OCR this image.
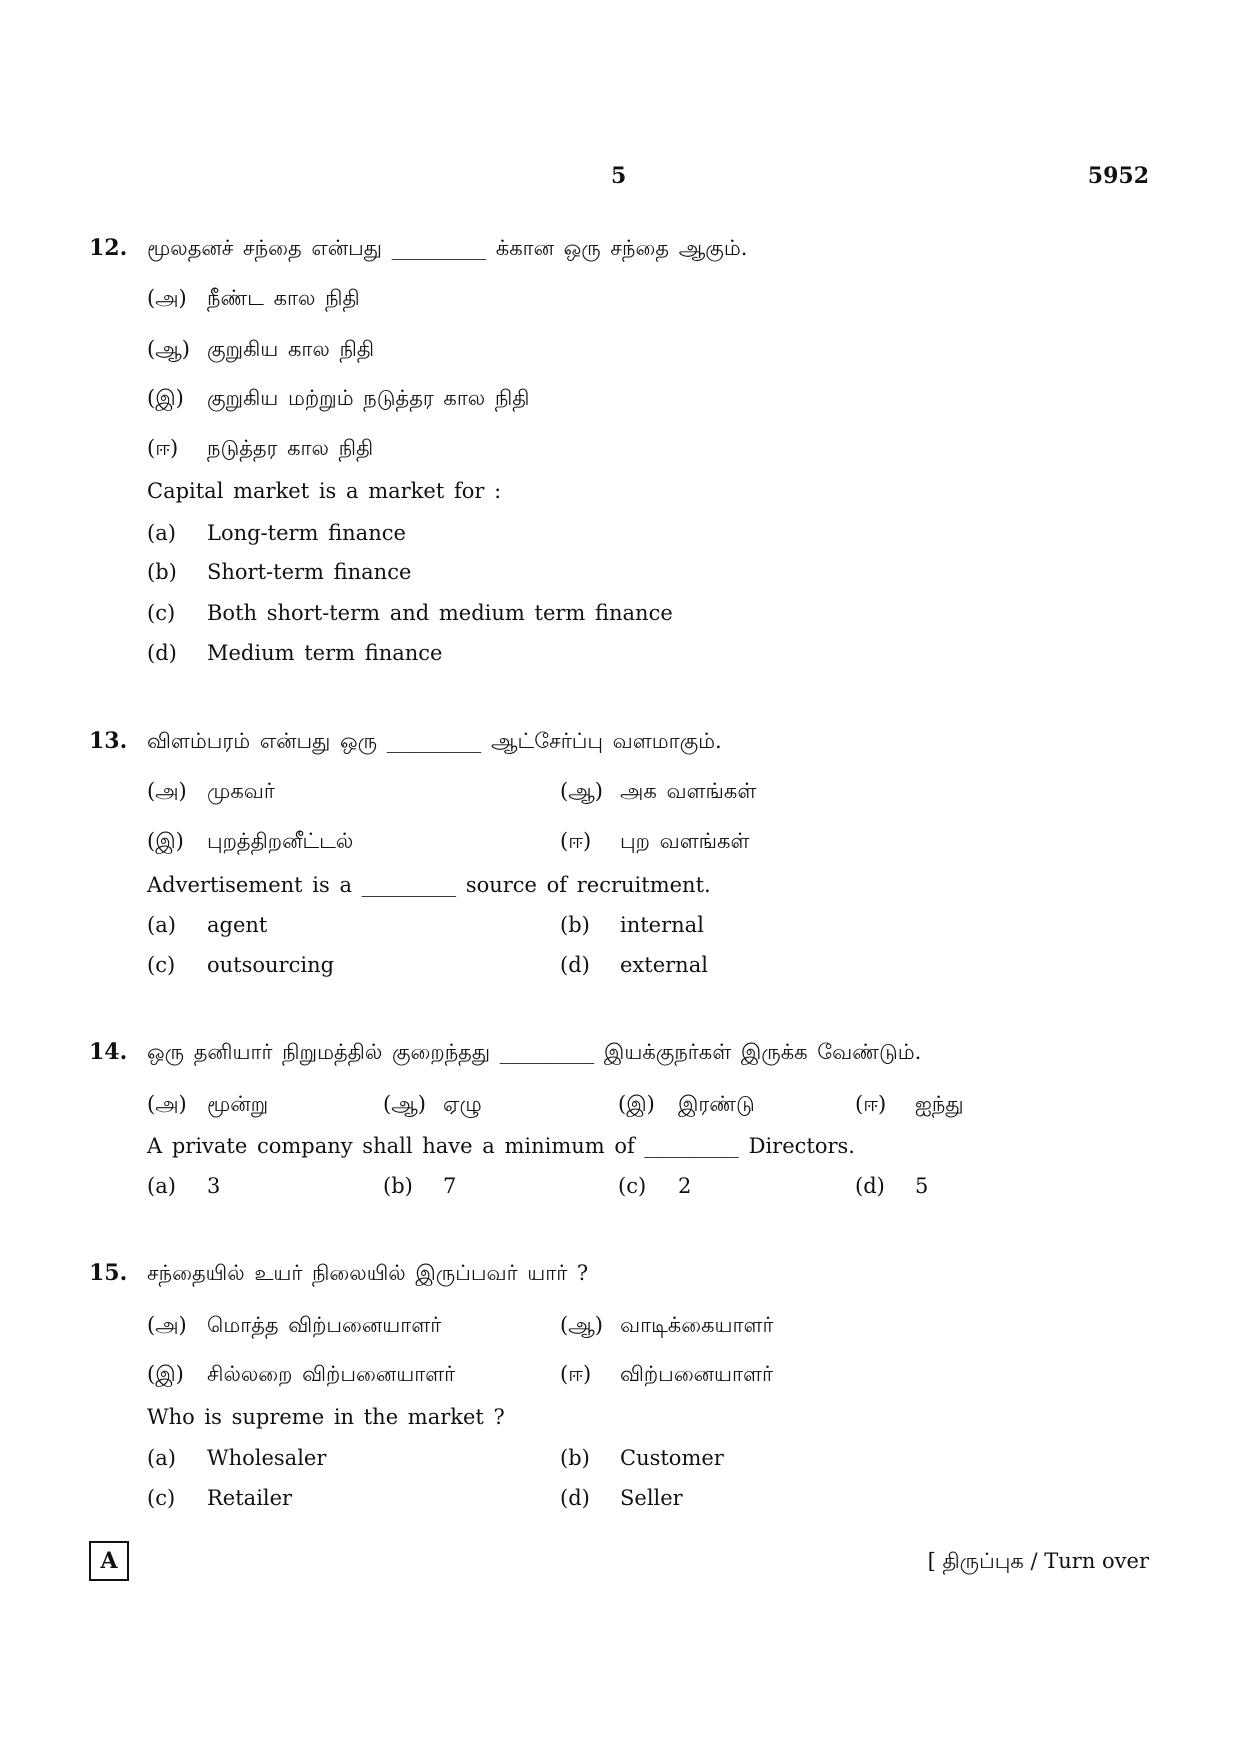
5	5952
12. மூலதனச் சந்தை என்பது _________ க்கான ஒரு சந்தை ஆகும்.
(அ) நீண்ட கால நிதி
(ஆ) குறுகிய கால நிதி
(இ) குறுகிய மற்றும் நடுத்தர கால நிதி
(ஈ) நடுத்தர கால நிதி
Capital market is a market for :
(a) Long-term finance
(b) Short-term finance
(c) Both short-term and medium term finance
(d) Medium term finance
13. விளம்பரம் என்பது ஒரு _________ ஆட்சேர்ப்பு வளமாகும்.
(அ) முகவர்	(ஆ) அக வளங்கள்
(இ) புறத்திறனீட்டல்	(ஈ) புற வளங்கள்
Advertisement is a _________ source of recruitment.
(a) agent	(b) internal
(c) outsourcing	(d) external
14. ஒரு தனியார் நிறுமத்தில் குறைந்தது _________ இயக்குநர்கள் இருக்க வேண்டும்.
(அ) மூன்று	(ஆ) ஏழு	(இ) இரண்டு	(ஈ) ஐந்து
A private company shall have a minimum of _________ Directors.
(a) 3	(b) 7	(c) 2	(d) 5
15. சந்தையில் உயர் நிலையில் இருப்பவர் யார் ?
(அ) மொத்த விற்பனையாளர்	(ஆ) வாடிக்கையாளர்
(இ) சில்லறை விற்பனையாளர்	(ஈ) விற்பனையாளர்
Who is supreme in the market ?
(a) Wholesaler	(b) Customer
(c) Retailer	(d) Seller
A	[ திருப்புக / Turn over
